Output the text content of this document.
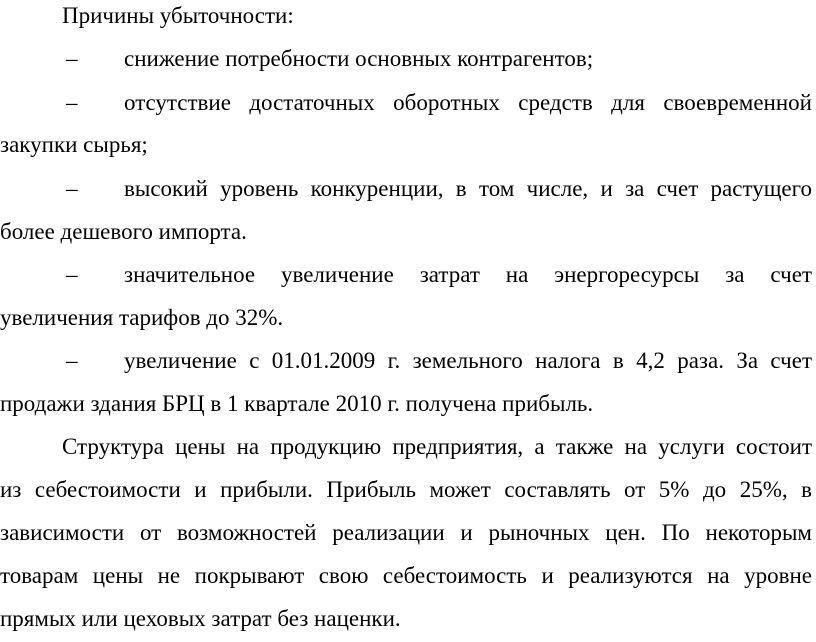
Причины убыточности:
– снижение потребности основных контрагентов;
– отсутствие достаточных оборотных средств для своевременной
закупки сырья;
– высокий уровень конкуренции, в том числе, и за счет растущего
более дешевого импорта.
– значительное увеличение затрат на энергоресурсы за счет
увеличения тарифов до 32%.
– увеличение с 01.01.2009 г. земельного налога в 4,2 раза. За счет
продажи здания БРЦ в 1 квартале 2010 г. получена прибыль.
Структура цены на продукцию предприятия, а также на услуги состоит
из себестоимости и прибыли. Прибыль может составлять от 5% до 25%, в
зависимости от возможностей реализации и рыночных цен. По некоторым
товарам цены не покрывают свою себестоимость и реализуются на уровне
прямых или цеховых затрат без наценки.
